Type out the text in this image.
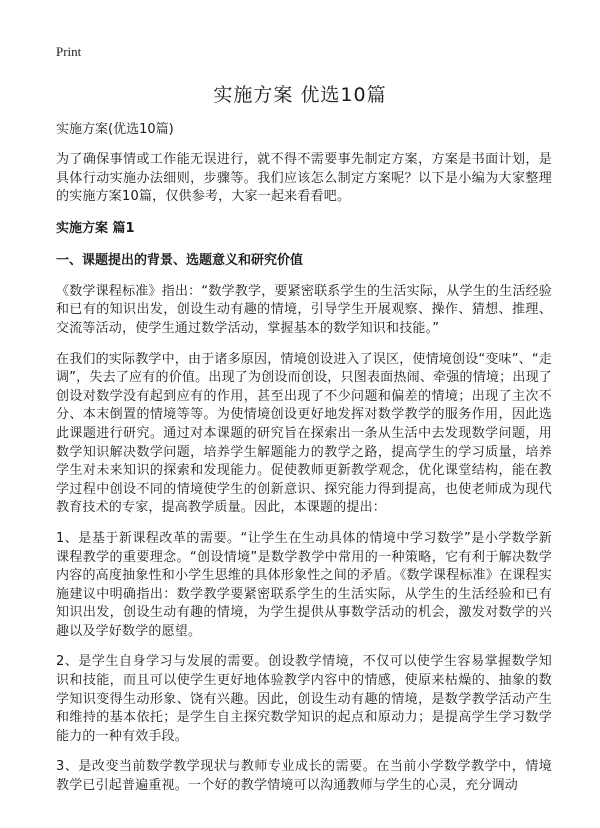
Print
实施方案 优选10篇
实施方案(优选10篇)

为了确保事情或工作能无误进行，就不得不需要事先制定方案，方案是书面计划，是具体行动实施办法细则，步骤等。我们应该怎么制定方案呢？以下是小编为大家整理的实施方案10篇，仅供参考，大家一起来看看吧。

实施方案 篇1
一、课题提出的背景、选题意义和研究价值

《数学课程标准》指出：“数学教学，要紧密联系学生的生活实际，从学生的生活经验和已有的知识出发，创设生动有趣的情境，引导学生开展观察、操作、猜想、推理、交流等活动，使学生通过数学活动，掌握基本的数学知识和技能。”

在我们的实际教学中，由于诸多原因，情境创设进入了误区，使情境创设“变味”、“走调”，失去了应有的价值。出现了为创设而创设，只图表面热闹、牵强的情境；出现了创设对数学没有起到应有的作用，甚至出现了不少问题和偏差的情境；出现了主次不分、本末倒置的情境等等。为使情境创设更好地发挥对数学教学的服务作用，因此选此课题进行研究。通过对本课题的研究旨在探索出一条从生活中去发现数学问题，用数学知识解决数学问题，培养学生解题能力的教学之路，提高学生的学习质量，培养学生对未来知识的探索和发现能力。促使教师更新教学观念，优化课堂结构，能在教学过程中创设不同的情境使学生的创新意识、探究能力得到提高，也使老师成为现代教育技术的专家，提高教学质量。因此，本课题的提出：

1、是基于新课程改革的需要。“让学生在生动具体的情境中学习数学”是小学数学新课程教学的重要理念。“创设情境”是数学教学中常用的一种策略，它有利于解决数学内容的高度抽象性和小学生思维的具体形象性之间的矛盾。《数学课程标准》在课程实施建议中明确指出：数学教学要紧密联系学生的生活实际，从学生的生活经验和已有知识出发，创设生动有趣的情境，为学生提供从事数学活动的机会，激发对数学的兴趣以及学好数学的愿望。

2、是学生自身学习与发展的需要。创设教学情境，不仅可以使学生容易掌握数学知识和技能，而且可以使学生更好地体验教学内容中的情感，使原来枯燥的、抽象的数学知识变得生动形象、饶有兴趣。因此，创设生动有趣的情境，是数学教学活动产生和维持的基本依托；是学生自主探究数学知识的起点和原动力；是提高学生学习数学能力的一种有效手段。

3、是改变当前数学教学现状与教师专业成长的需要。在当前小学数学教学中，情境教学已引起普遍重视。一个好的教学情境可以沟通教师与学生的心灵，充分调动
